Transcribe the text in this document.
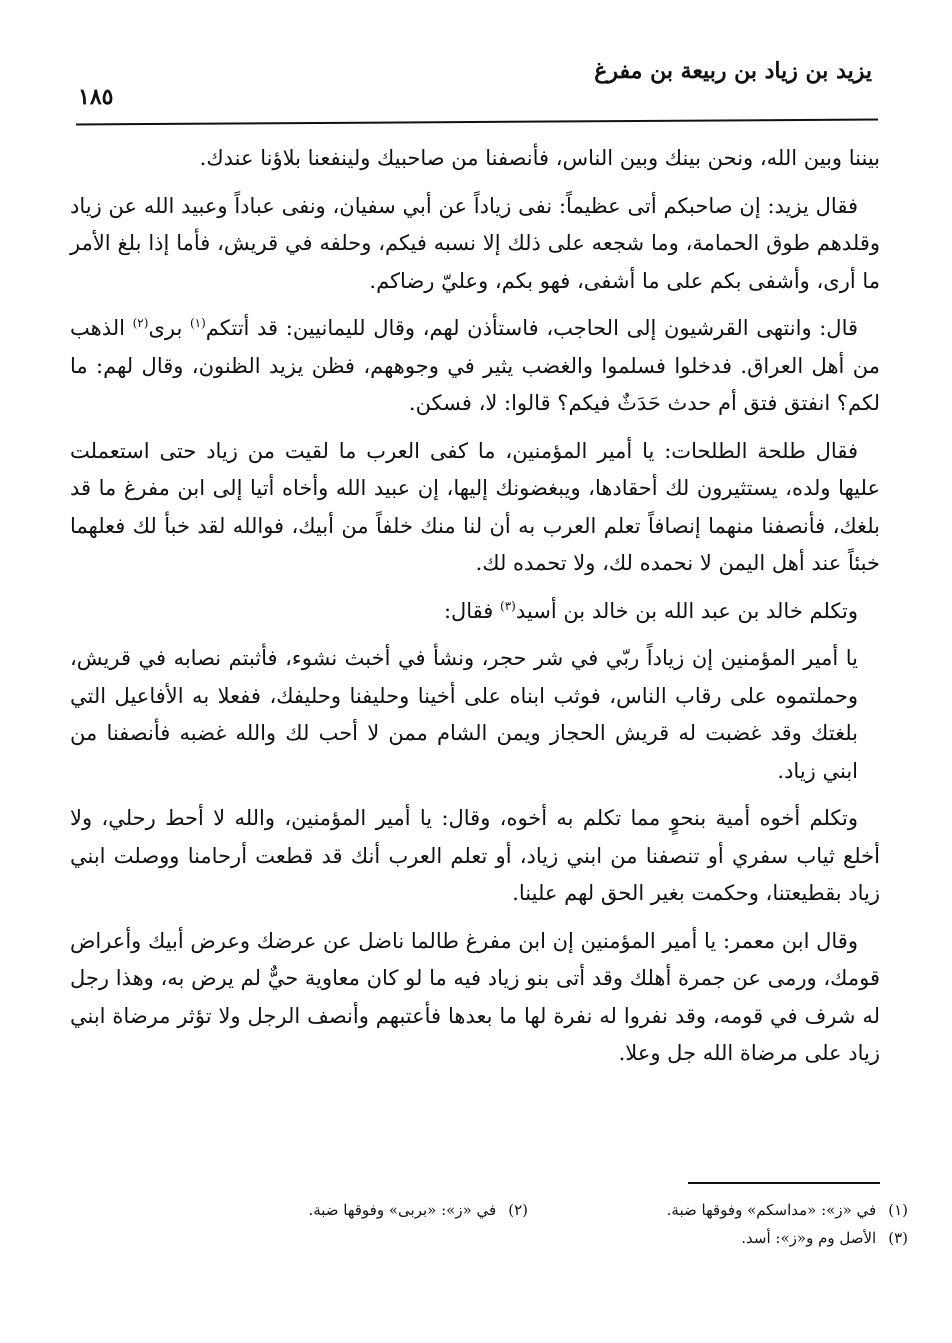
يزيد بن زياد بن ربيعة بن مفرغ
١٨٥

بيننا وبين الله، ونحن بينك وبين الناس، فأنصفنا من صاحبيك ولينفعنا بلاؤنا عندك.

فقال يزيد: إن صاحبكم أتى عظيماً: نفى زياداً عن أبي سفيان، ونفى عباداً وعبيد الله عن زياد وقلدهم طوق الحمامة، وما شجعه على ذلك إلا نسبه فيكم، وحلفه في قريش، فأما إذا بلغ الأمر ما أرى، وأشفى بكم على ما أشفى، فهو بكم، وعليّ رضاكم.

قال: وانتهى القرشيون إلى الحاجب، فاستأذن لهم، وقال لليمانيين: قد أتتكم$^{(١)}$ برى$^{(٢)}$ الذهب من أهل العراق. فدخلوا فسلموا والغضب يثير في وجوههم، فظن يزيد الظنون، وقال لهم: ما لكم؟ انفتق فتق أم حدث حَدَثٌ فيكم؟ قالوا: لا، فسكن.

فقال طلحة الطلحات: يا أمير المؤمنين، ما كفى العرب ما لقيت من زياد حتى استعملت عليها ولده، يستثيرون لك أحقادها، ويبغضونك إليها، إن عبيد الله وأخاه أتيا إلى ابن مفرغ ما قد بلغك، فأنصفنا منهما إنصافاً تعلم العرب به أن لنا منك خلفاً من أبيك، فوالله لقد خبأ لك فعلهما خبئاً عند أهل اليمن لا نحمده لك، ولا تحمده لك.

وتكلم خالد بن عبد الله بن خالد بن أسيد$^{(٣)}$ فقال:

يا أمير المؤمنين إن زياداً ربّي في شر حجر، ونشأ في أخبث نشوء، فأثبتم نصابه في قريش، وحملتموه على رقاب الناس، فوثب ابناه على أخينا وحليفنا وحليفك، ففعلا به الأفاعيل التي بلغتك وقد غضبت له قريش الحجاز ويمن الشام ممن لا أحب لك والله غضبه فأنصفنا من ابني زياد.

وتكلم أخوه أمية بنحوٍ مما تكلم به أخوه، وقال: يا أمير المؤمنين، والله لا أحط رحلي، ولا أخلع ثياب سفري أو تنصفنا من ابني زياد، أو تعلم العرب أنك قد قطعت أرحامنا ووصلت ابني زياد بقطيعتنا، وحكمت بغير الحق لهم علينا.

وقال ابن معمر: يا أمير المؤمنين إن ابن مفرغ طالما ناضل عن عرضك وعرض أبيك وأعراض قومك، ورمى عن جمرة أهلك وقد أتى بنو زياد فيه ما لو كان معاوية حيٌّ لم يرض به، وهذا رجل له شرف في قومه، وقد نفروا له نفرة لها ما بعدها فأعتبهم وأنصف الرجل ولا تؤثر مرضاة ابني زياد على مرضاة الله جل وعلا.

(١)في «ز»: «مداسكم» وفوقها ضبة.
(٢)في «ز»: «بربى» وفوقها ضبة.
(٣)الأصل وم و«ز»: أسد.
